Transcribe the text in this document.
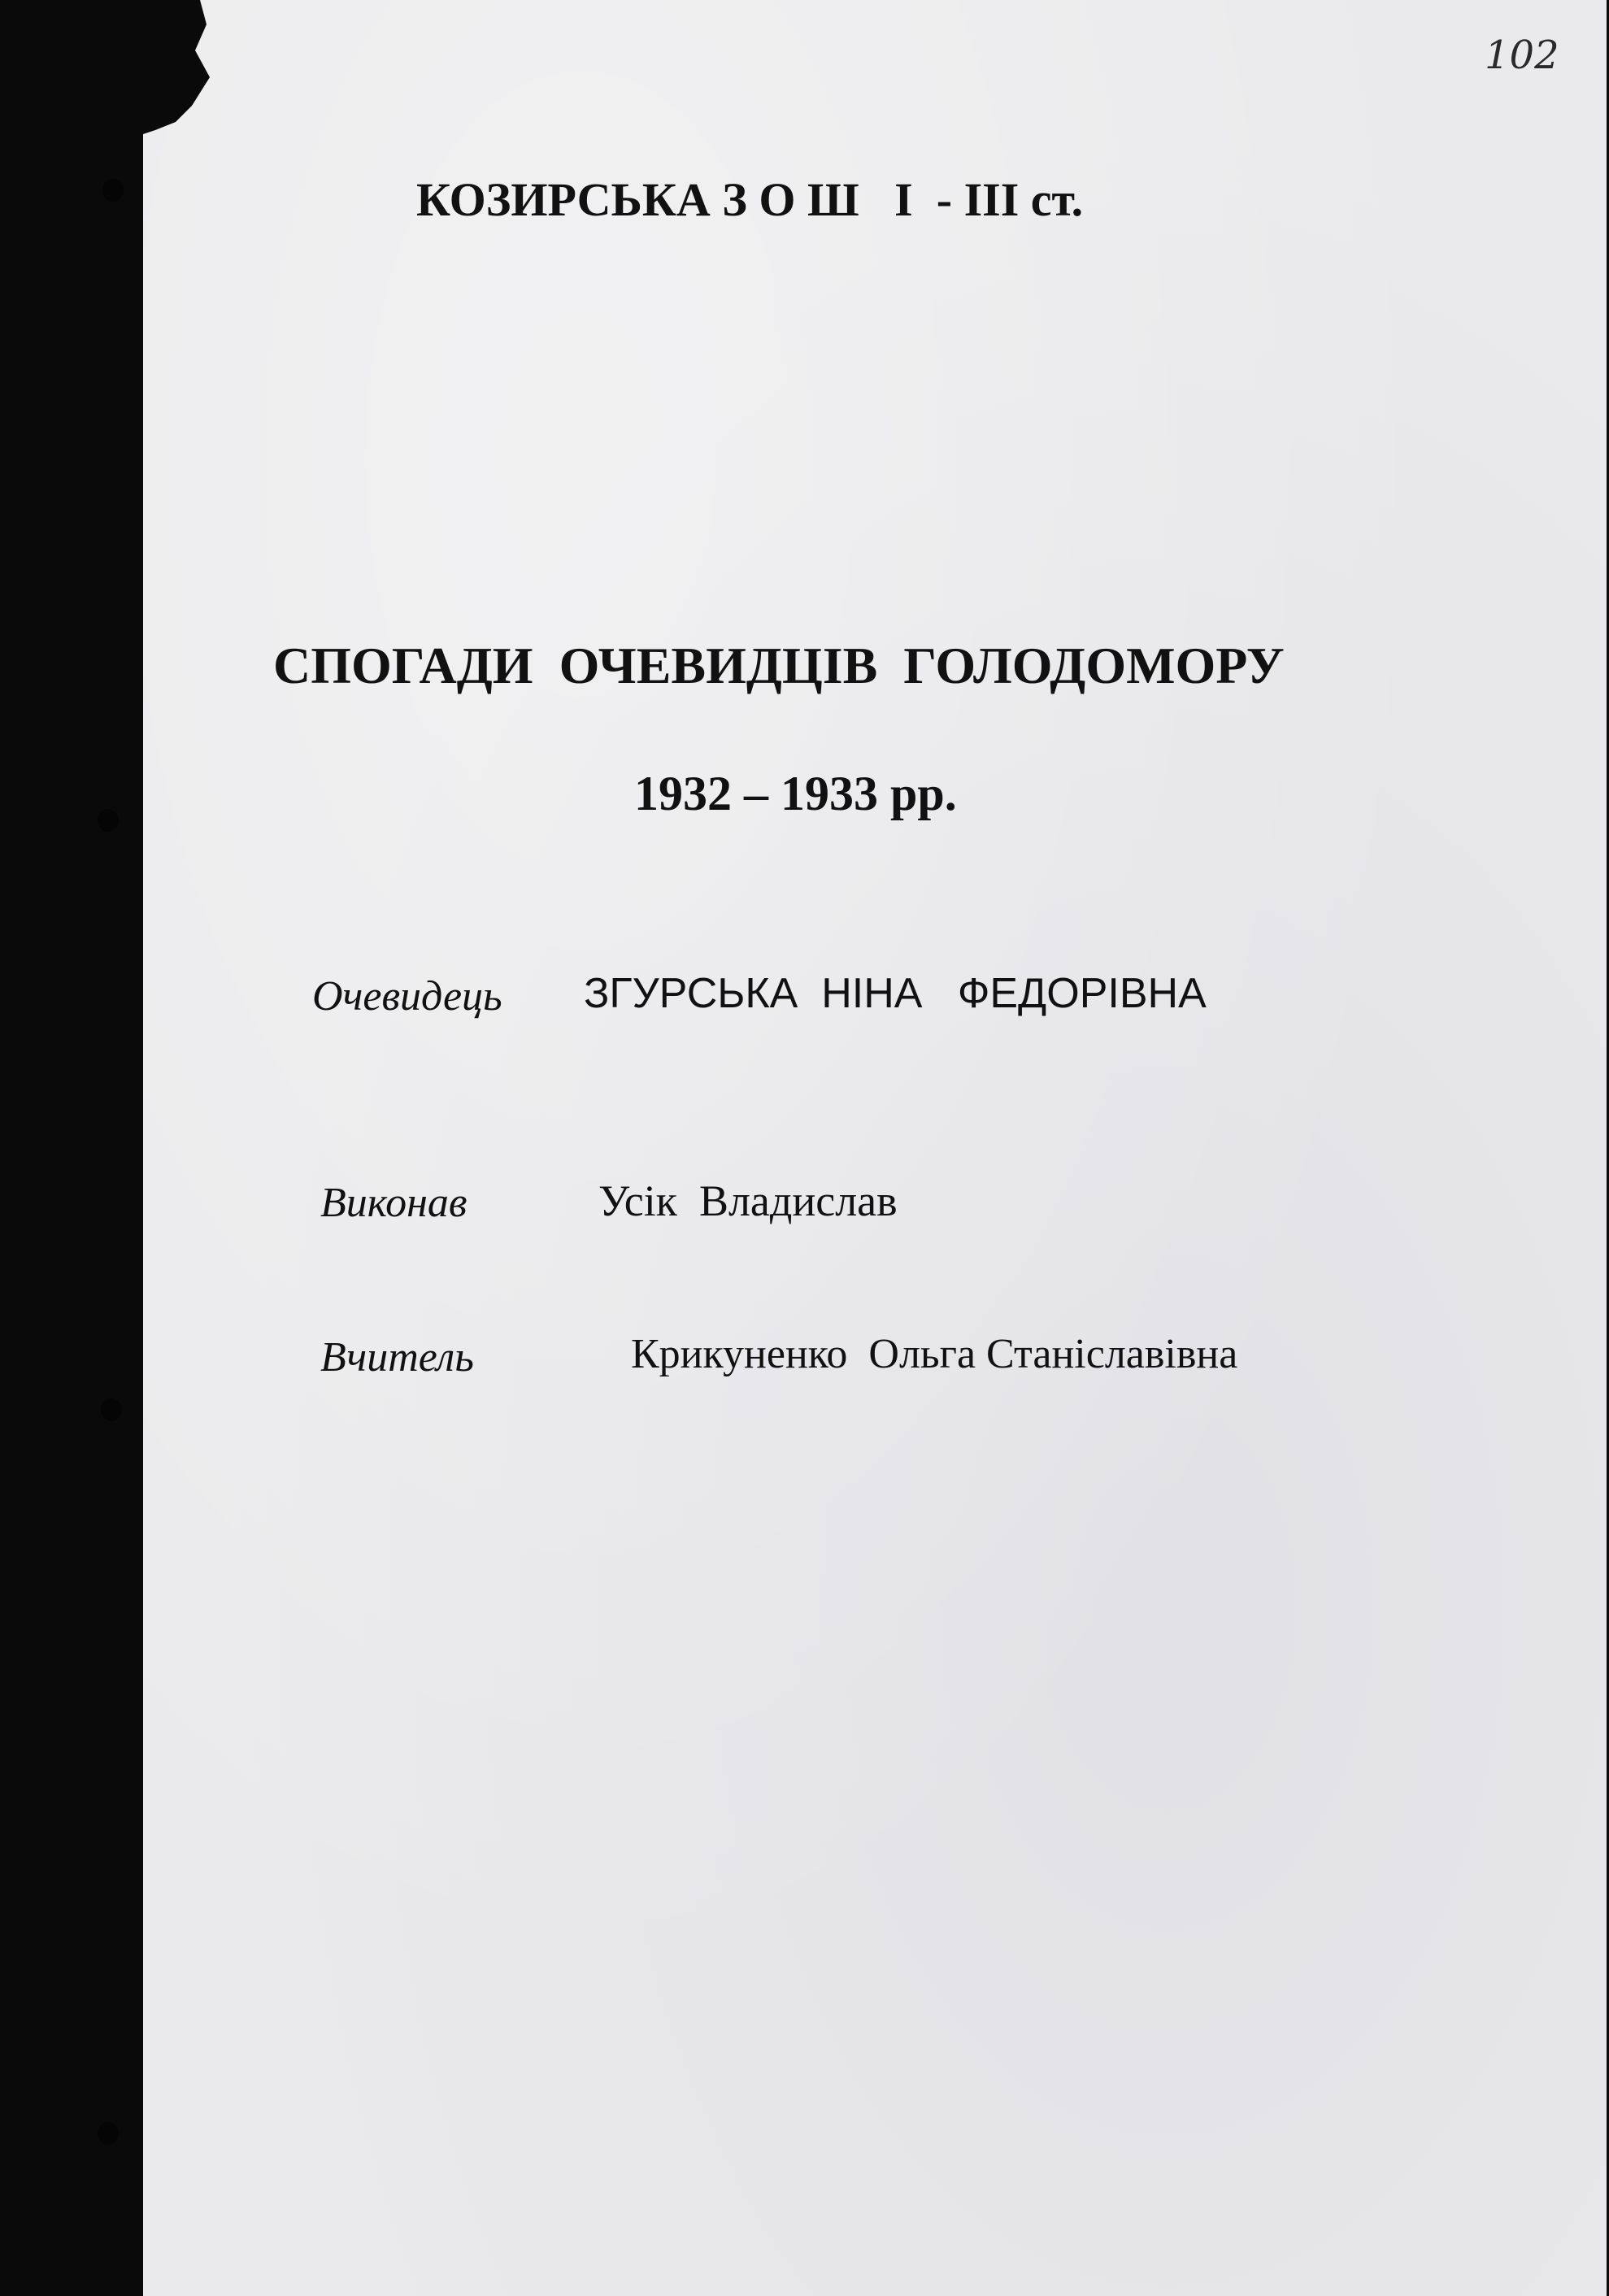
102
КОЗИРСЬКА З О Ш   І  - ІІІ ст.
СПОГАДИ  ОЧЕВИДЦІВ  ГОЛОДОМОРУ
1932 – 1933 рр.
Очевидець ЗГУРСЬКА  НІНА   ФЕДОРІВНА
Виконав	Усік  Владислав
Вчитель	Крикуненко  Ольга Станіславівна
